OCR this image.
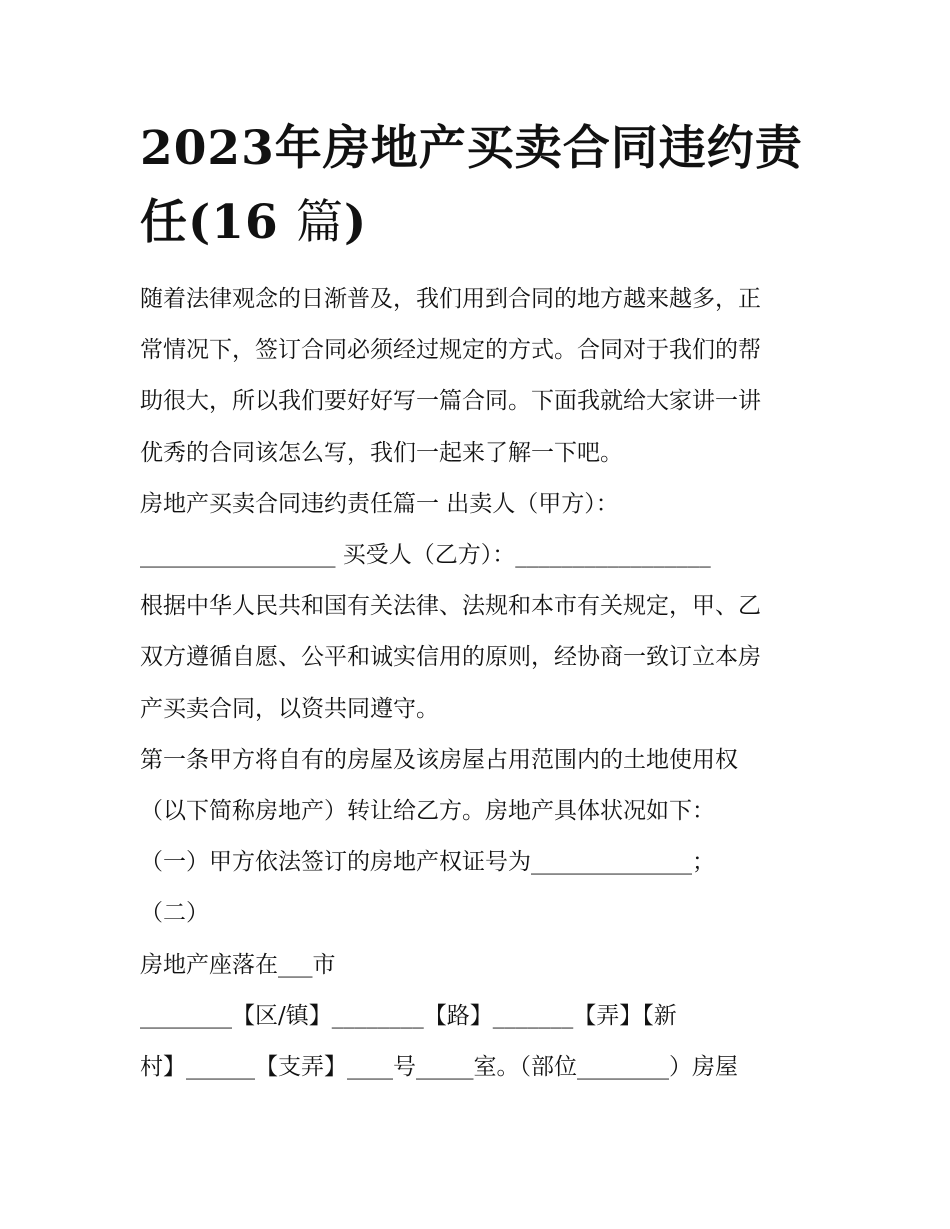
2023年房地产买卖合同违约责
任(16 篇)

随着法律观念的日渐普及，我们用到合同的地方越来越多，正
常情况下，签订合同必须经过规定的方式。合同对于我们的帮
助很大，所以我们要好好写一篇合同。下面我就给大家讲一讲
优秀的合同该怎么写，我们一起来了解一下吧。

房地产买卖合同违约责任篇一 出卖人（甲方）：

_________________ 买受人（乙方）：_________________

根据中华人民共和国有关法律、法规和本市有关规定，甲、乙
双方遵循自愿、公平和诚实信用的原则，经协商一致订立本房
产买卖合同，以资共同遵守。

第一条甲方将自有的房屋及该房屋占用范围内的土地使用权
（以下简称房地产）转让给乙方。房地产具体状况如下：

（一）甲方依法签订的房地产权证号为______________；

（二）

房地产座落在___市

________【区/镇】________【路】_______【弄】【新
村】______【支弄】____号_____室。（部位________）房屋
